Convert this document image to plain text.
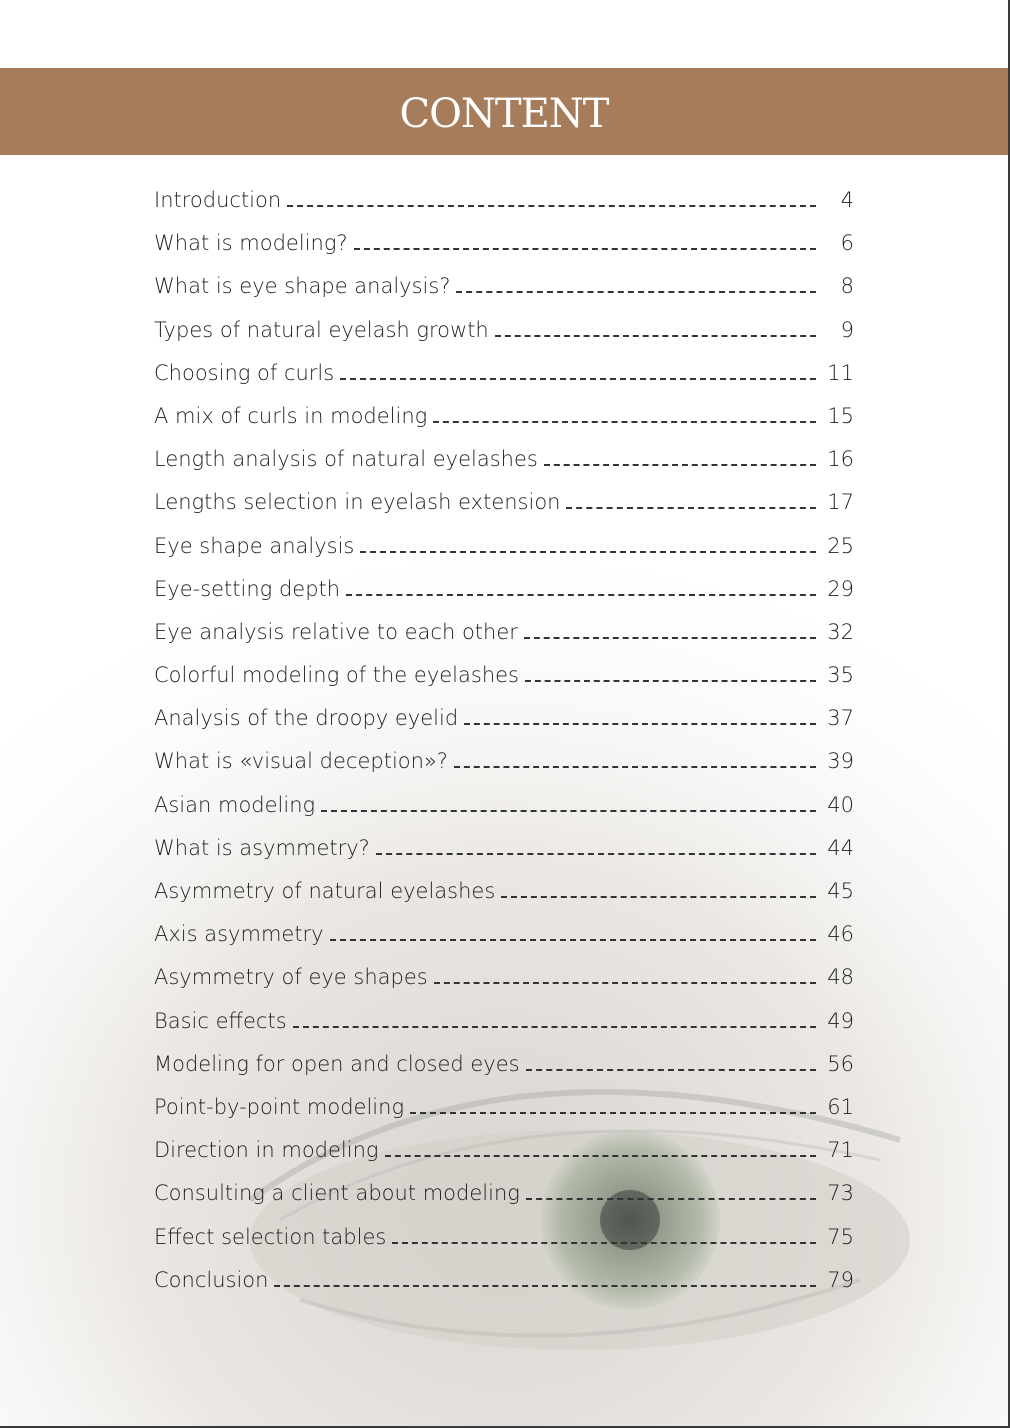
CONTENT
Introduction	4
What is modeling?	6
What is eye shape analysis?	8
Types of natural eyelash growth	9
Choosing of curls	11
A mix of curls in modeling	15
Length analysis of natural eyelashes	16
Lengths selection in eyelash extension	17
Eye shape analysis	25
Eye-setting depth	29
Eye analysis relative to each other	32
Colorful modeling of the eyelashes	35
Analysis of the droopy eyelid	37
What is «visual deception»?	39
Asian modeling	40
What is asymmetry?	44
Asymmetry of natural eyelashes	45
Axis asymmetry	46
Asymmetry of eye shapes	48
Basic effects	49
Modeling for open and closed eyes	56
Point-by-point modeling	61
Direction in modeling	71
Consulting a client about modeling	73
Effect selection tables	75
Conclusion	79
